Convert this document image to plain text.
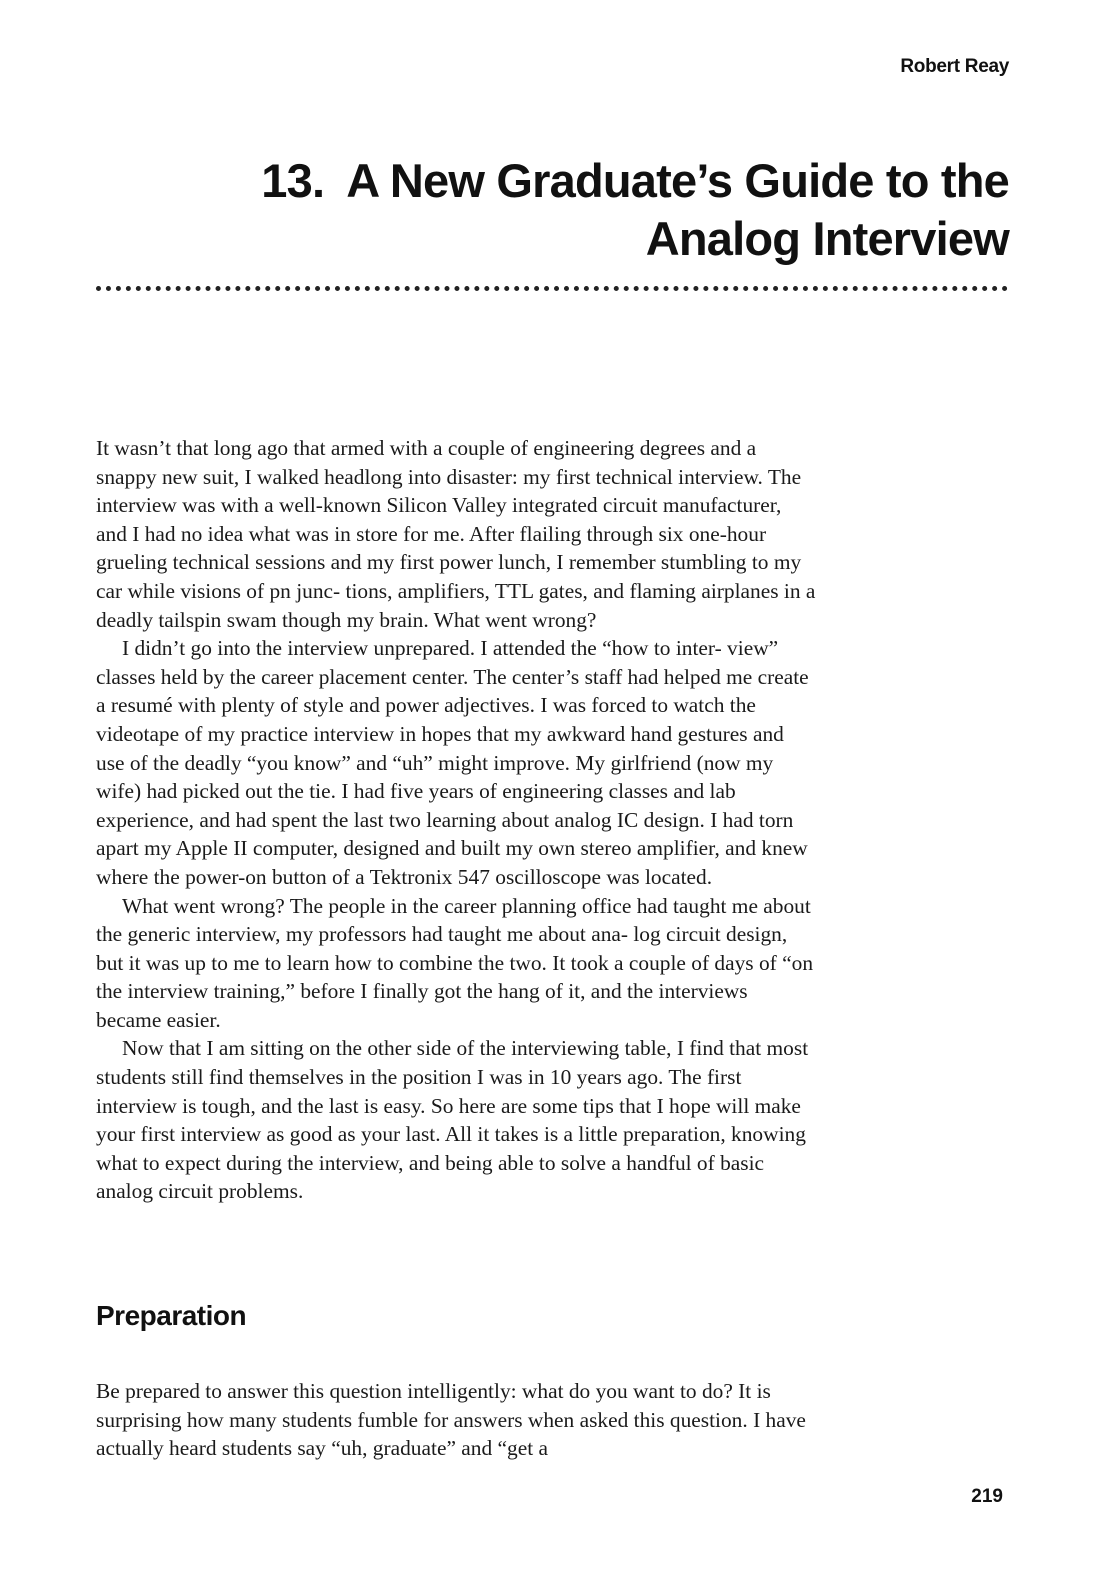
Robert Reay
13. A New Graduate’s Guide to the
Analog Interview

It wasn’t that long ago that armed with a couple of engineering degrees and a snappy new suit, I walked headlong into disaster: my first technical interview. The interview was with a well-known Silicon Valley integrated circuit manufacturer, and I had no idea what was in store for me. After flailing through six one-hour grueling technical sessions and my first power lunch, I remember stumbling to my car while visions of pn junc- tions, amplifiers, TTL gates, and flaming airplanes in a deadly tailspin swam though my brain. What went wrong?

I didn’t go into the interview unprepared. I attended the “how to inter- view” classes held by the career placement center. The center’s staff had helped me create a resumé with plenty of style and power adjectives. I was forced to watch the videotape of my practice interview in hopes that my awkward hand gestures and use of the deadly “you know” and “uh” might improve. My girlfriend (now my wife) had picked out the tie. I had five years of engineering classes and lab experience, and had spent the last two learning about analog IC design. I had torn apart my Apple II computer, designed and built my own stereo amplifier, and knew where the power-on button of a Tektronix 547 oscilloscope was located.

What went wrong? The people in the career planning office had taught me about the generic interview, my professors had taught me about ana- log circuit design, but it was up to me to learn how to combine the two. It took a couple of days of “on the interview training,” before I finally got the hang of it, and the interviews became easier.

Now that I am sitting on the other side of the interviewing table, I find that most students still find themselves in the position I was in 10 years ago. The first interview is tough, and the last is easy. So here are some tips that I hope will make your first interview as good as your last. All it takes is a little preparation, knowing what to expect during the interview, and being able to solve a handful of basic analog circuit problems.

Preparation

Be prepared to answer this question intelligently: what do you want to do? It is surprising how many students fumble for answers when asked this question. I have actually heard students say “uh, graduate” and “get a

219
